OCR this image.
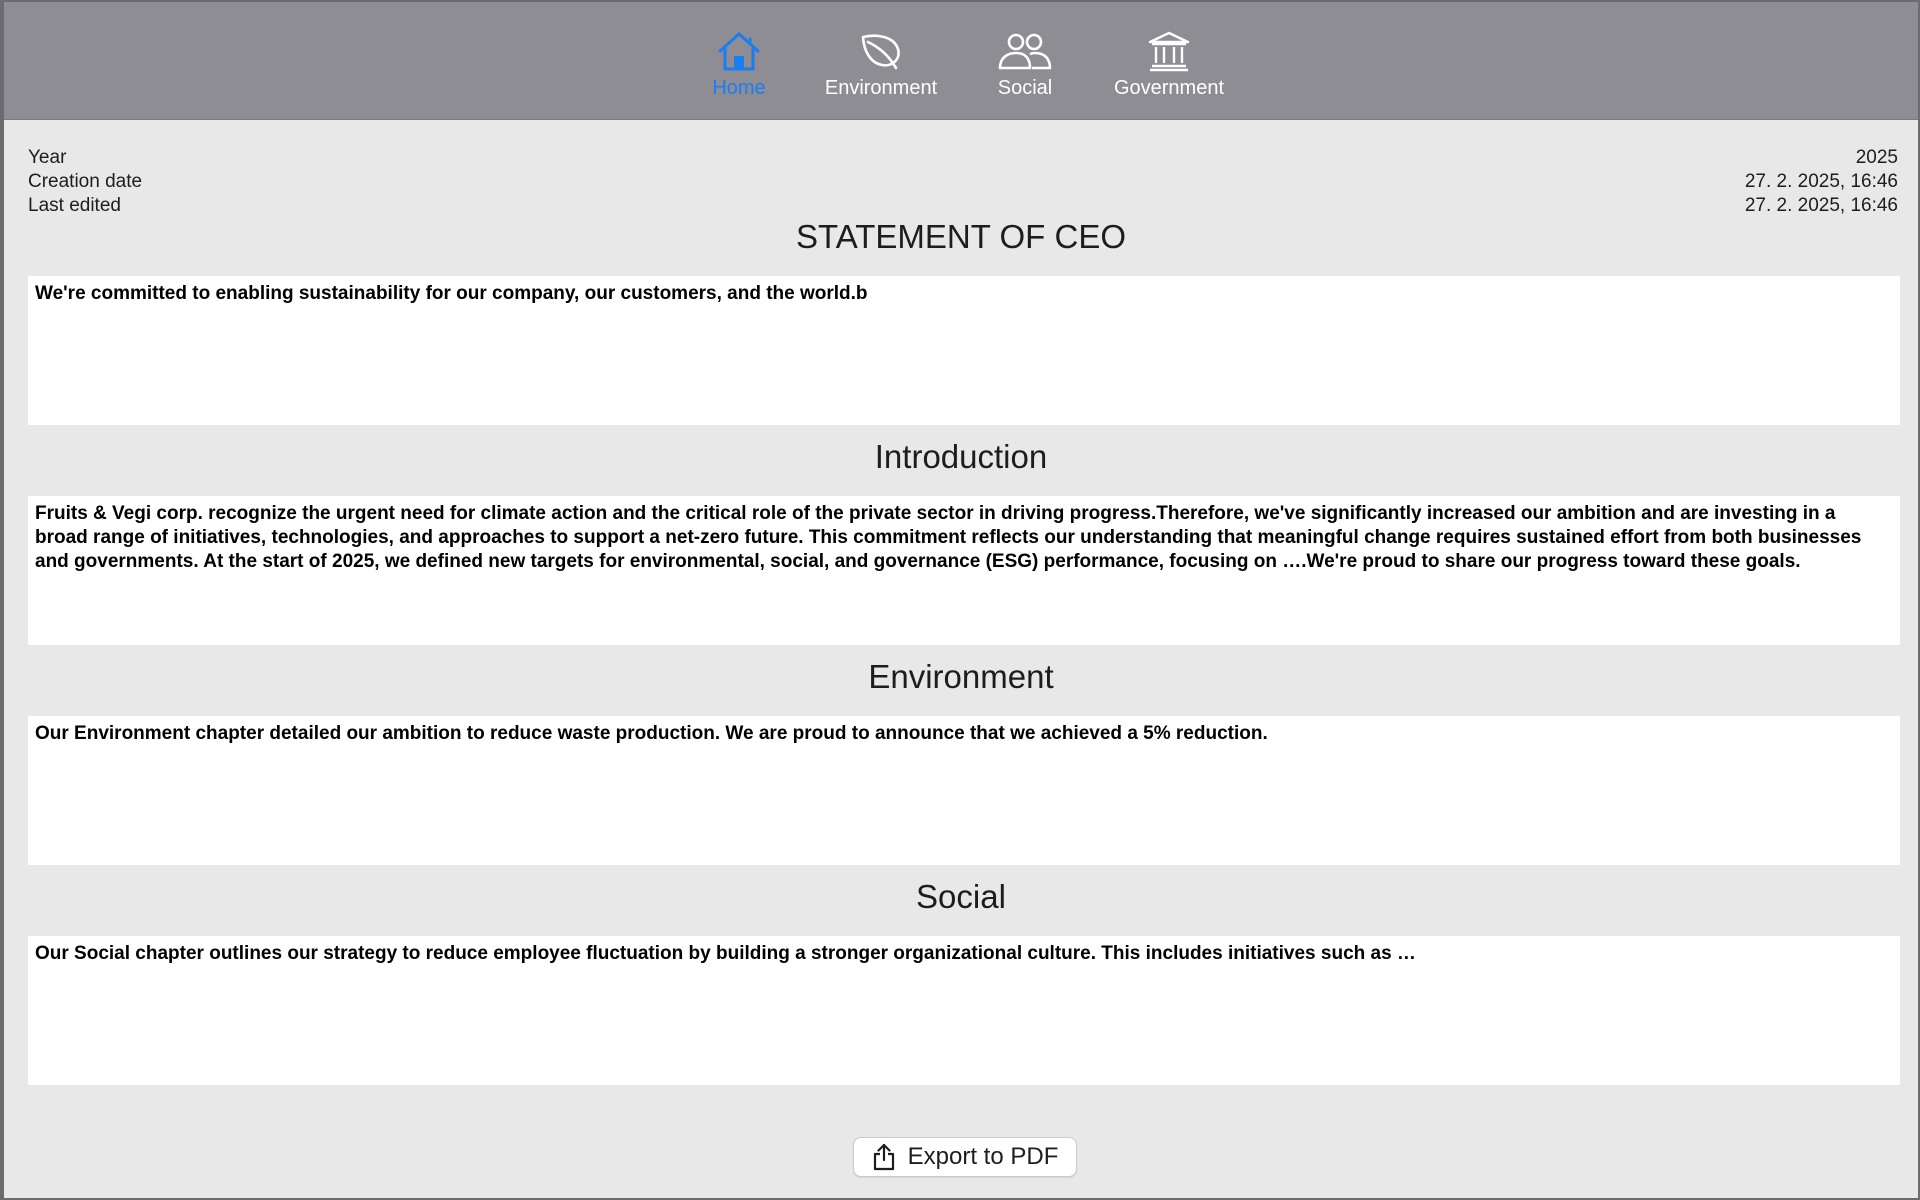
Home	Environment	Social	Government
Year	2025
Creation date	27. 2. 2025, 16:46
Last edited	27. 2. 2025, 16:46
STATEMENT OF CEO
We're committed to enabling sustainability for our company, our customers, and the world.b
Introduction
Fruits & Vegi corp. recognize the urgent need for climate action and the critical role of the private sector in driving progress.Therefore, we've significantly increased our ambition and are investing in a broad range of initiatives, technologies, and approaches to support a net-zero future. This commitment reflects our understanding that meaningful change requires sustained effort from both businesses and governments. At the start of 2025, we defined new targets for environmental, social, and governance (ESG) performance, focusing on ….We're proud to share our progress toward these goals.
Environment
Our Environment chapter detailed our ambition to reduce waste production. We are proud to announce that we achieved a 5% reduction.
Social
Our Social chapter outlines our strategy to reduce employee fluctuation by building a stronger organizational culture. This includes initiatives such as …
Export to PDF
